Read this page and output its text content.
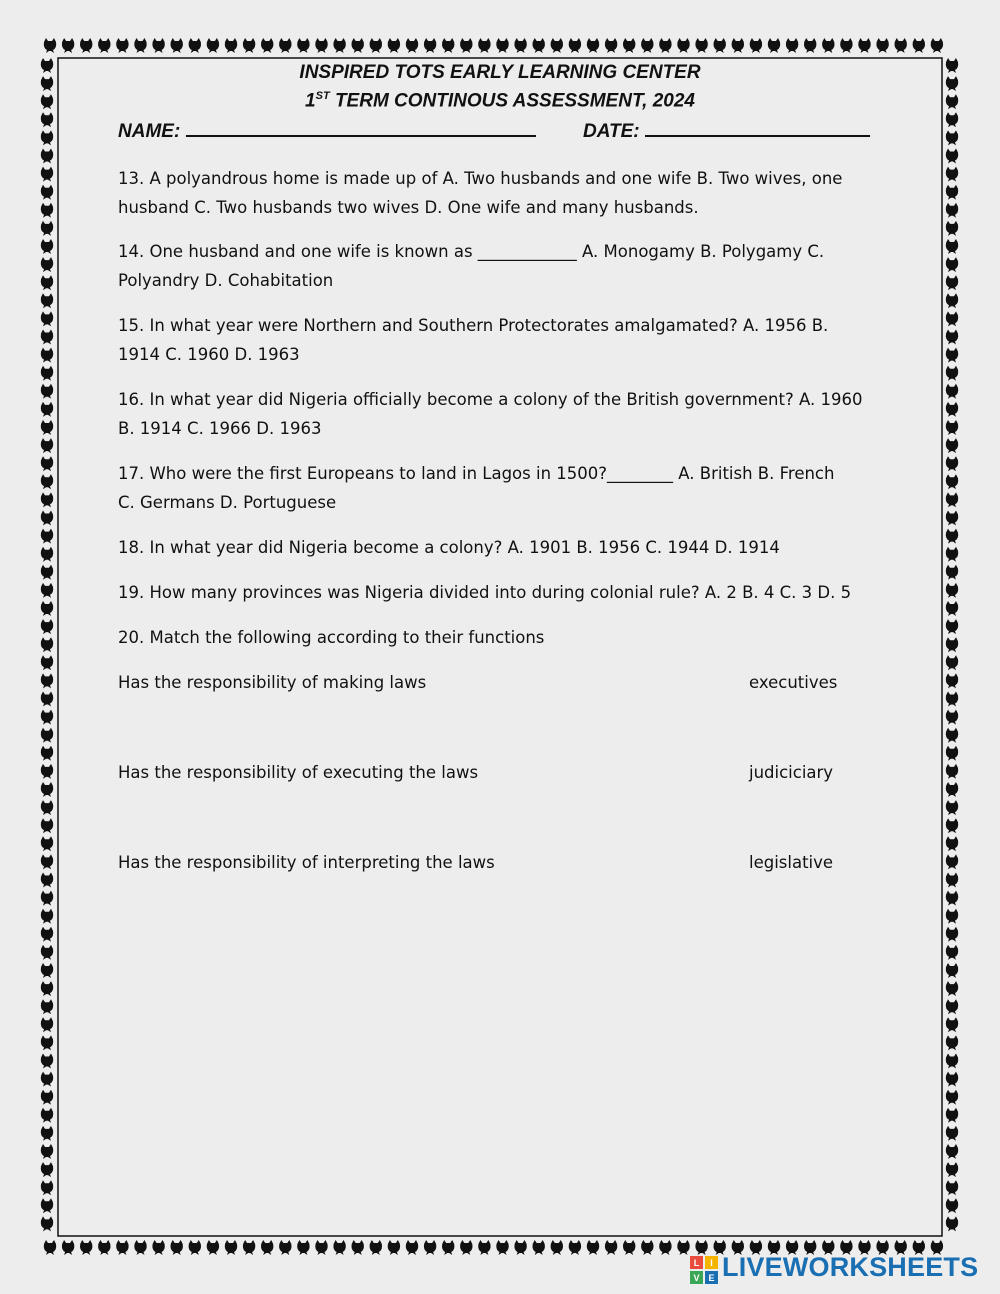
INSPIRED TOTS EARLY LEARNING CENTER
1ST TERM CONTINOUS ASSESSMENT, 2024
NAME:	DATE:
13. A polyandrous home is made up of A. Two husbands and one wife B. Two wives, one
husband C. Two husbands two wives D. One wife and many husbands.
14. One husband and one wife is known as ____________ A. Monogamy B. Polygamy C.
Polyandry D. Cohabitation
15. In what year were Northern and Southern Protectorates amalgamated? A. 1956 B.
1914 C. 1960 D. 1963
16. In what year did Nigeria officially become a colony of the British government? A. 1960
B. 1914 C. 1966 D. 1963
17. Who were the first Europeans to land in Lagos in 1500?________ A. British B. French
C. Germans D. Portuguese
18. In what year did Nigeria become a colony? A. 1901 B. 1956 C. 1944 D. 1914
19. How many provinces was Nigeria divided into during colonial rule? A. 2 B. 4 C. 3 D. 5
20. Match the following according to their functions
Has the responsibility of making laws	executives
Has the responsibility of executing the laws	judiciciary
Has the responsibility of interpreting the laws	legislative
L I
V E LIVEWORKSHEETS
